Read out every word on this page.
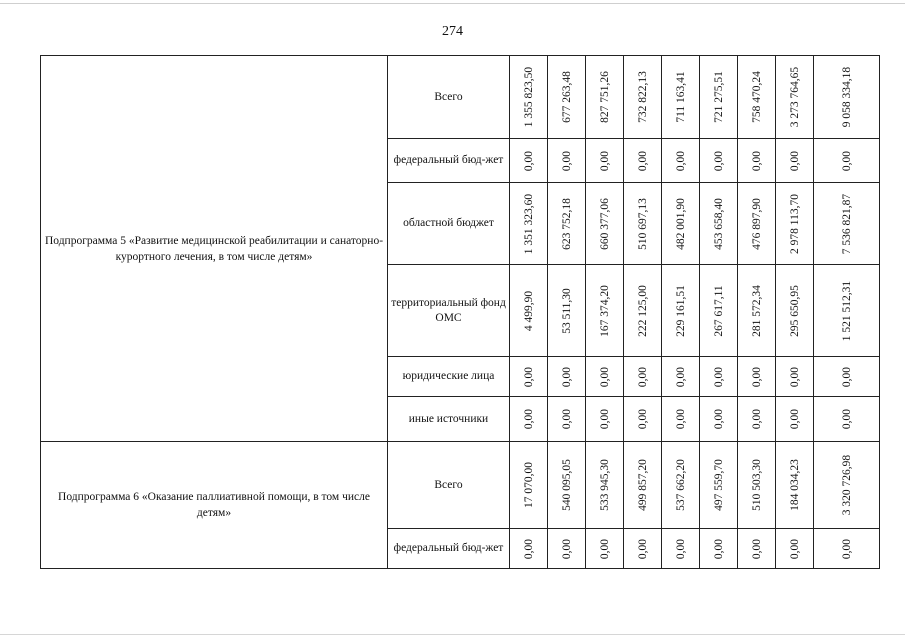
274
Подпрограмма 5 «Развитие медицинской реабилитации и санаторно-курортного лечения, в том числе детям»	Всего	1 355 823,50	677 263,48	827 751,26	732 822,13	711 163,41	721 275,51	758 470,24	3 273 764,65	9 058 334,18

	федеральный бюд-жет	0,00	0,00	0,00	0,00	0,00	0,00	0,00	0,00	0,00

	областной бюджет	1 351 323,60	623 752,18	660 377,06	510 697,13	482 001,90	453 658,40	476 897,90	2 978 113,70	7 536 821,87

	территориальный фонд ОМС	4 499,90	53 511,30	167 374,20	222 125,00	229 161,51	267 617,11	281 572,34	295 650,95	1 521 512,31

	юридические лица	0,00	0,00	0,00	0,00	0,00	0,00	0,00	0,00	0,00

	иные источники	0,00	0,00	0,00	0,00	0,00	0,00	0,00	0,00	0,00

Подпрограмма 6 «Оказание паллиативной помощи, в том числе детям»	Всего	17 070,00	540 095,05	533 945,30	499 857,20	537 662,20	497 559,70	510 503,30	184 034,23	3 320 726,98

	федеральный бюд-жет	0,00	0,00	0,00	0,00	0,00	0,00	0,00	0,00	0,00
